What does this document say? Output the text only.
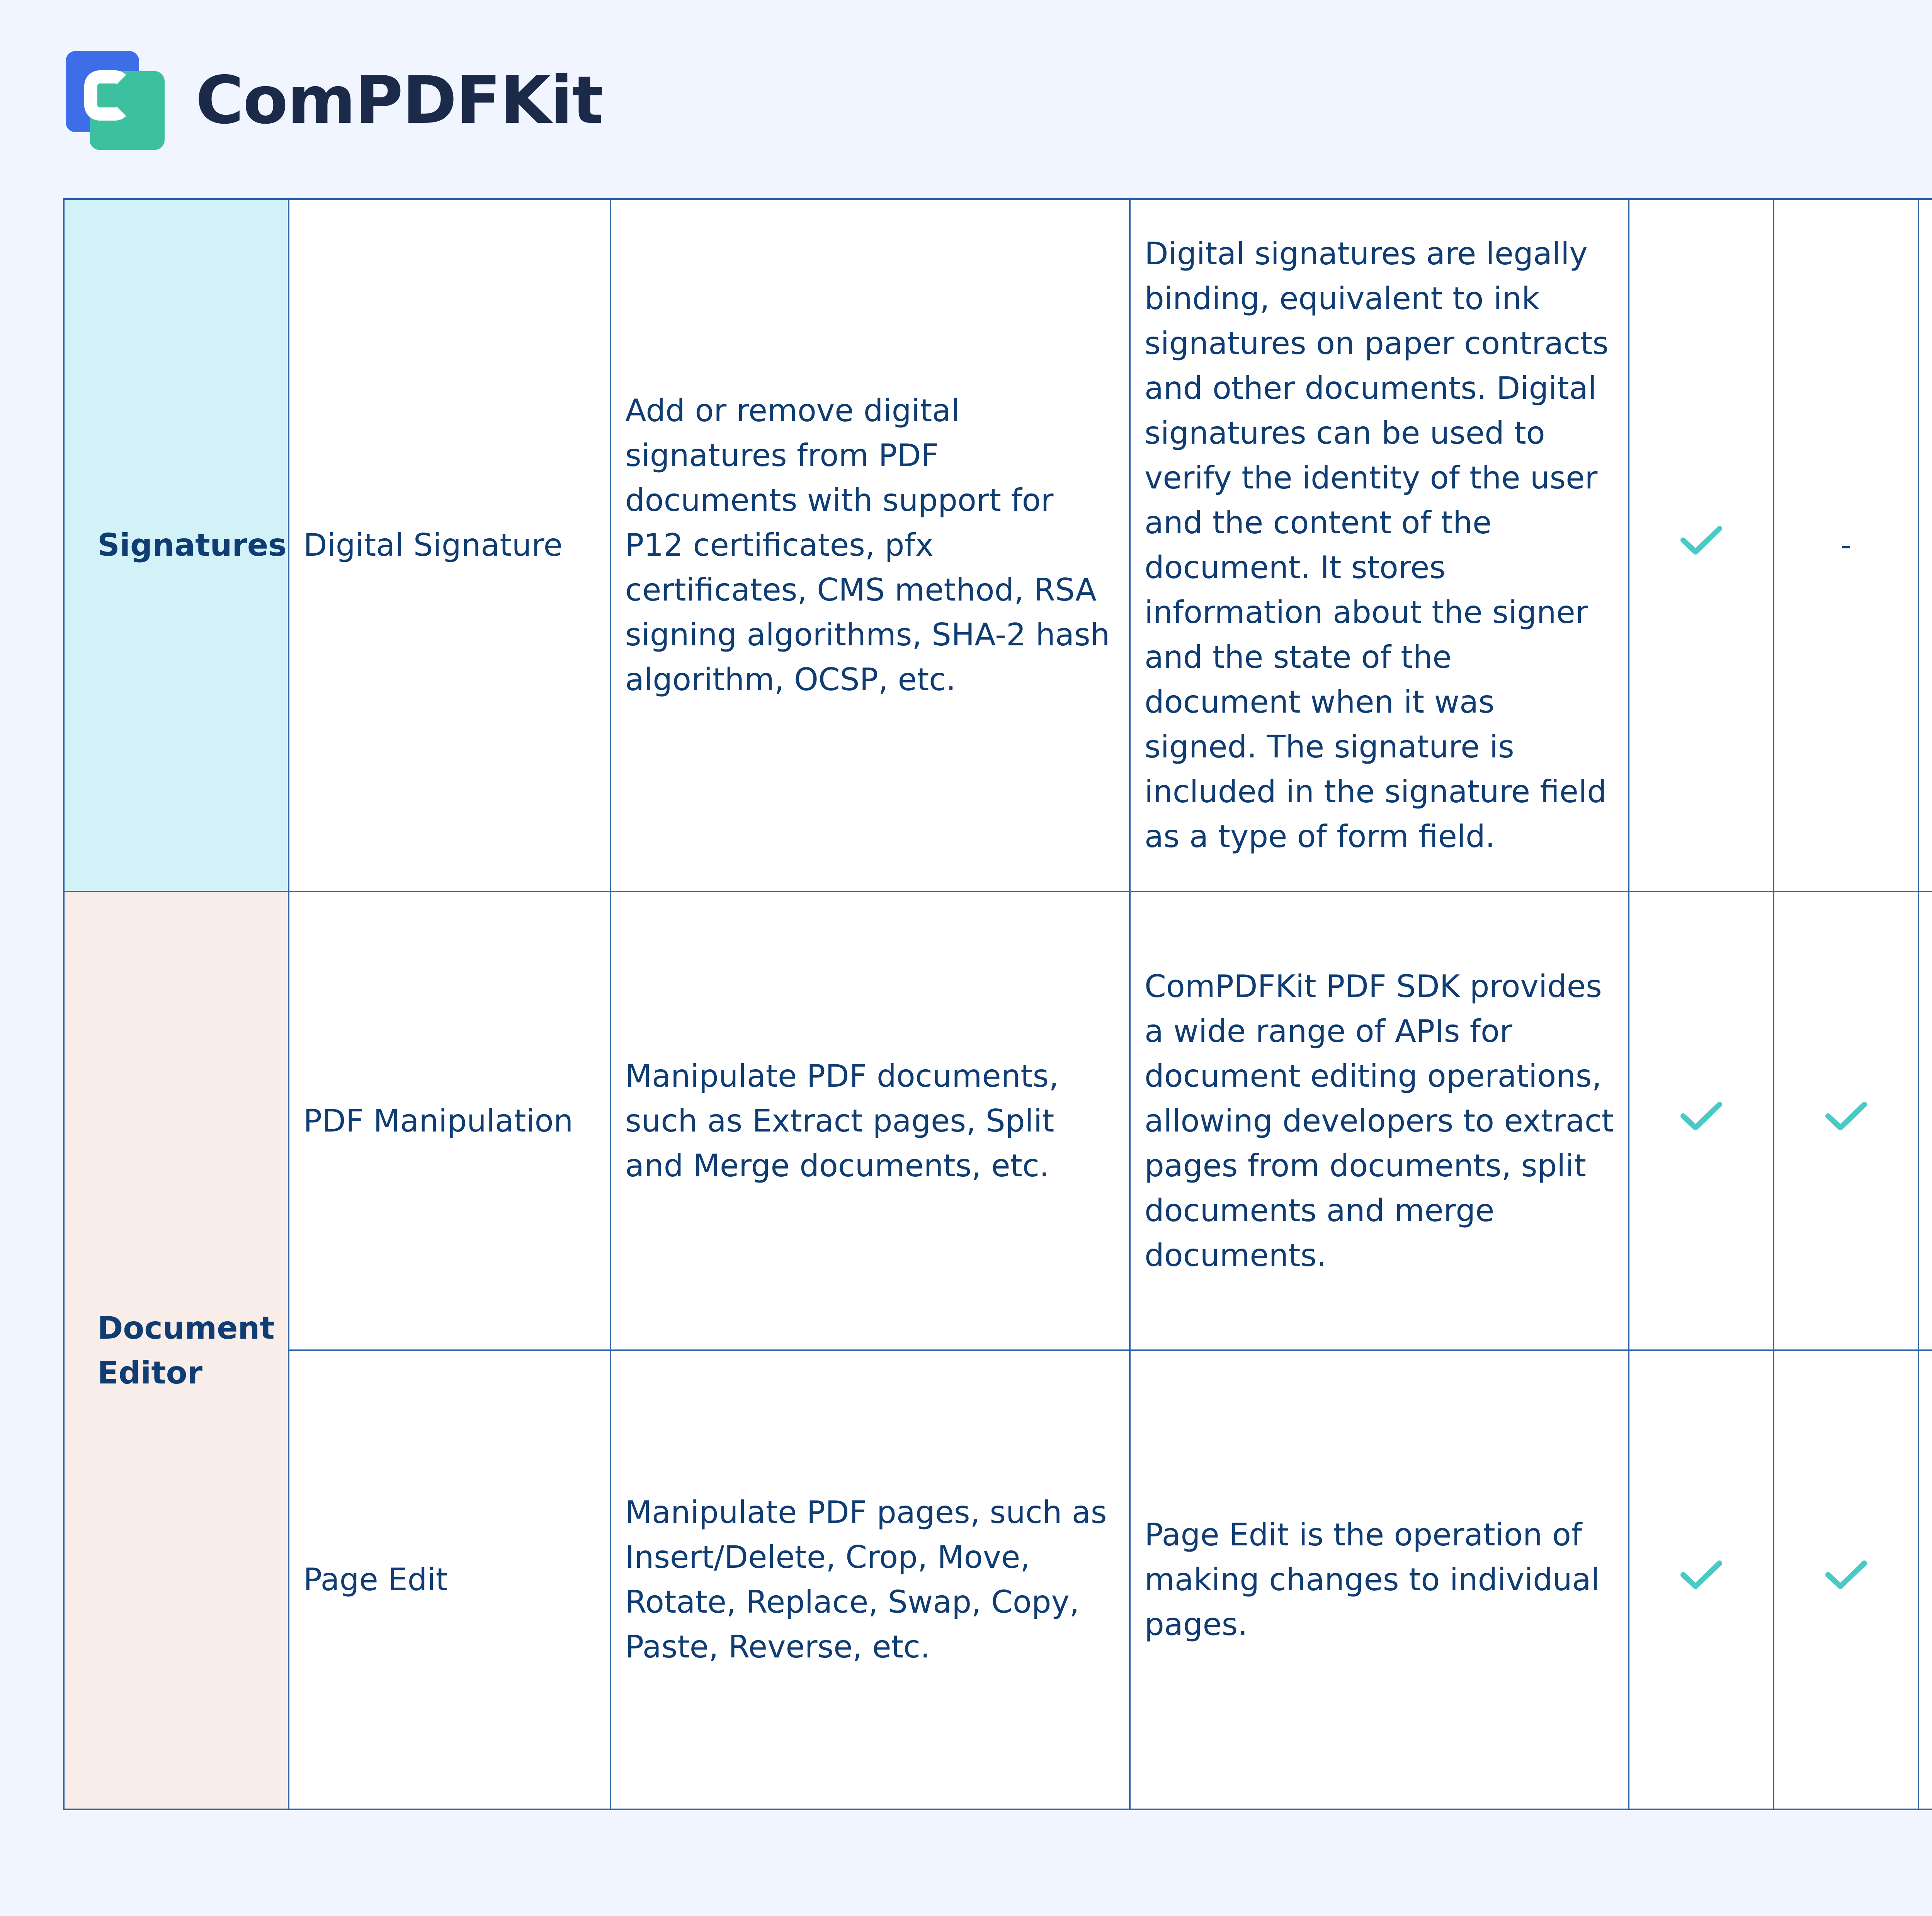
ComPDFKit
Signatures	Digital Signature	Add or remove digital signatures from PDF documents with support for P12 certificates, pfx certificates, CMS method, RSA signing algorithms, SHA-2 hash algorithm, OCSP, etc.	Digital signatures are legally binding, equivalent to ink signatures on paper contracts and other documents. Digital signatures can be used to verify the identity of the user and the content of the document. It stores information about the signer and the state of the document when it was signed. The signature is included in the signature field as a type of form field.		-					
Document Editor	PDF Manipulation	Manipulate PDF documents, such as Extract pages, Split and Merge documents, etc.	ComPDFKit PDF SDK provides a wide range of APIs for document editing operations, allowing developers to extract pages from documents, split documents and merge documents.							
	Page Edit	Manipulate PDF pages, such as Insert/Delete, Crop, Move, Rotate, Replace, Swap, Copy, Paste, Reverse, etc.	Page Edit is the operation of making changes to individual pages.							
